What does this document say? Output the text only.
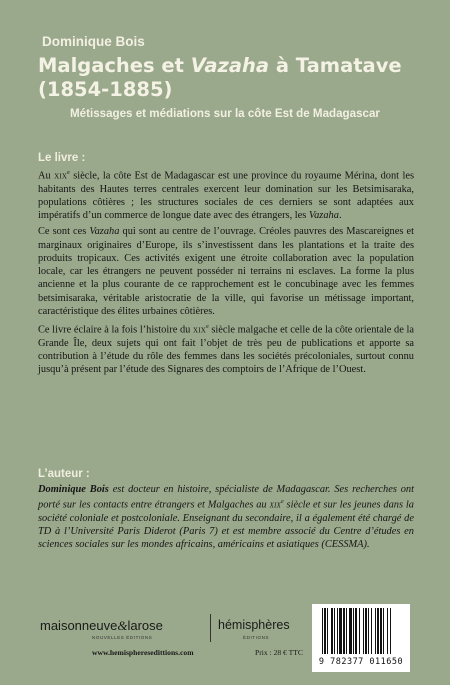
Dominique Bois
Malgaches et Vazaha à Tamatave
(1854-1885)
Métissages et médiations sur la côte Est de Madagascar
Le livre :

Au xix$^e$ siècle, la côte Est de Madagascar est une province du royaume Mérina, dont les habitants des Hautes terres centrales exercent leur domination sur les Betsimisaraka, populations côtières ; les structures sociales de ces derniers se sont adaptées aux impératifs d’un commerce de longue date avec des étrangers, les Vazaha.

Ce sont ces Vazaha qui sont au centre de l’ouvrage. Créoles pauvres des Mascareignes et marginaux originaires d’Europe, ils s’investissent dans les plantations et la traite des produits tropicaux. Ces activités exigent une étroite collaboration avec la population locale, car les étrangers ne peuvent posséder ni terrains ni esclaves. La forme la plus ancienne et la plus courante de ce rapprochement est le concubinage avec les femmes betsimisaraka, véritable aristocratie de la ville, qui favorise un métissage important, caractéristique des élites urbaines côtières.

Ce livre éclaire à la fois l’histoire du xix$^e$ siècle malgache et celle de la côte orientale de la Grande Île, deux sujets qui ont fait l’objet de très peu de publications et apporte sa contribution à l’étude du rôle des femmes dans les sociétés précoloniales, surtout connu jusqu’à présent par l’étude des Signares des comptoirs de l’Afrique de l’Ouest.

L’auteur :

Dominique Bois est docteur en histoire, spécialiste de Madagascar. Ses recherches ont porté sur les contacts entre étrangers et Malgaches au xix$^e$ siècle et sur les jeunes dans la société coloniale et postcoloniale. Enseignant du secondaire, il a également été chargé de TD à l’Université Paris Diderot (Paris 7) et est membre associé du Centre d’études en sciences sociales sur les mondes africains, américains et asiatiques (CESSMA).

maisonneuve&larose
NOUVELLES ÉDITIONS
hémisphères
ÉDITIONS
www.hemispheresedittions.com	Prix : 28 € TTC
9 782377 011650
